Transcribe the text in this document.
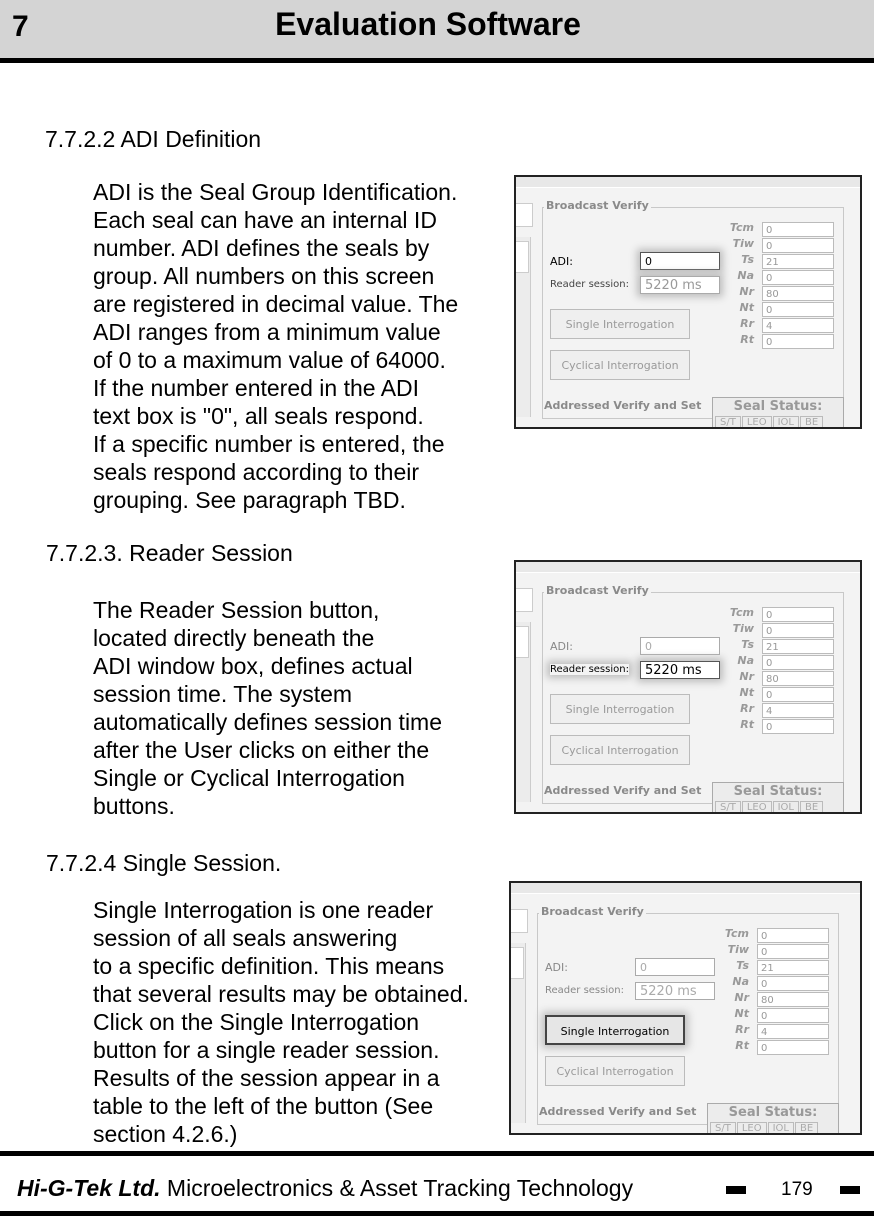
7	Evaluation Software
7.7.2.2 ADI Definition
ADI is the Seal Group Identification.
Each seal can have an internal ID
number. ADI defines the seals by
group. All numbers on this screen
are registered in decimal value. The
ADI ranges from a minimum value
of 0 to a maximum value of 64000.
If the number entered in the ADI
text box is "0", all seals respond.
If a specific number is entered, the
seals respond according to their
grouping. See paragraph TBD.
7.7.2.3. Reader Session
The Reader Session button,
located directly beneath the
ADI window box, defines actual
session time. The system
automatically defines session time
after the User clicks on either the
Single or Cyclical Interrogation
buttons.
7.7.2.4 Single Session.
Single Interrogation is one reader
session of all seals answering
to a specific definition. This means
that several results may be obtained.
Click on the Single Interrogation
button for a single reader session.
Results of the session appear in a
table to the left of the button (See
section 4.2.6.)
Broadcast Verify
ADI:	0
Reader session:	5220 ms
Single Interrogation
Cyclical Interrogation
Tcm	0
Tiw	0
Ts	21
Na	0
Nr	80
Nt	0
Rr	4
Rt	0
Addressed Verify and Set	Seal Status:
S/T LEO IOL BE
Broadcast Verify
ADI:	0
Reader session:	5220 ms
Single Interrogation
Cyclical Interrogation
Tcm	0
Tiw	0
Ts	21
Na	0
Nr	80
Nt	0
Rr	4
Rt	0
Addressed Verify and Set	Seal Status:
S/T LEO IOL BE
Broadcast Verify
ADI:	0
Reader session:	5220 ms
Single Interrogation
Cyclical Interrogation
Tcm	0
Tiw	0
Ts	21
Na	0
Nr	80
Nt	0
Rr	4
Rt	0
Addressed Verify and Set	Seal Status:
S/T LEO IOL BE
Hi-G-Tek Ltd. Microelectronics & Asset Tracking Technology	179
